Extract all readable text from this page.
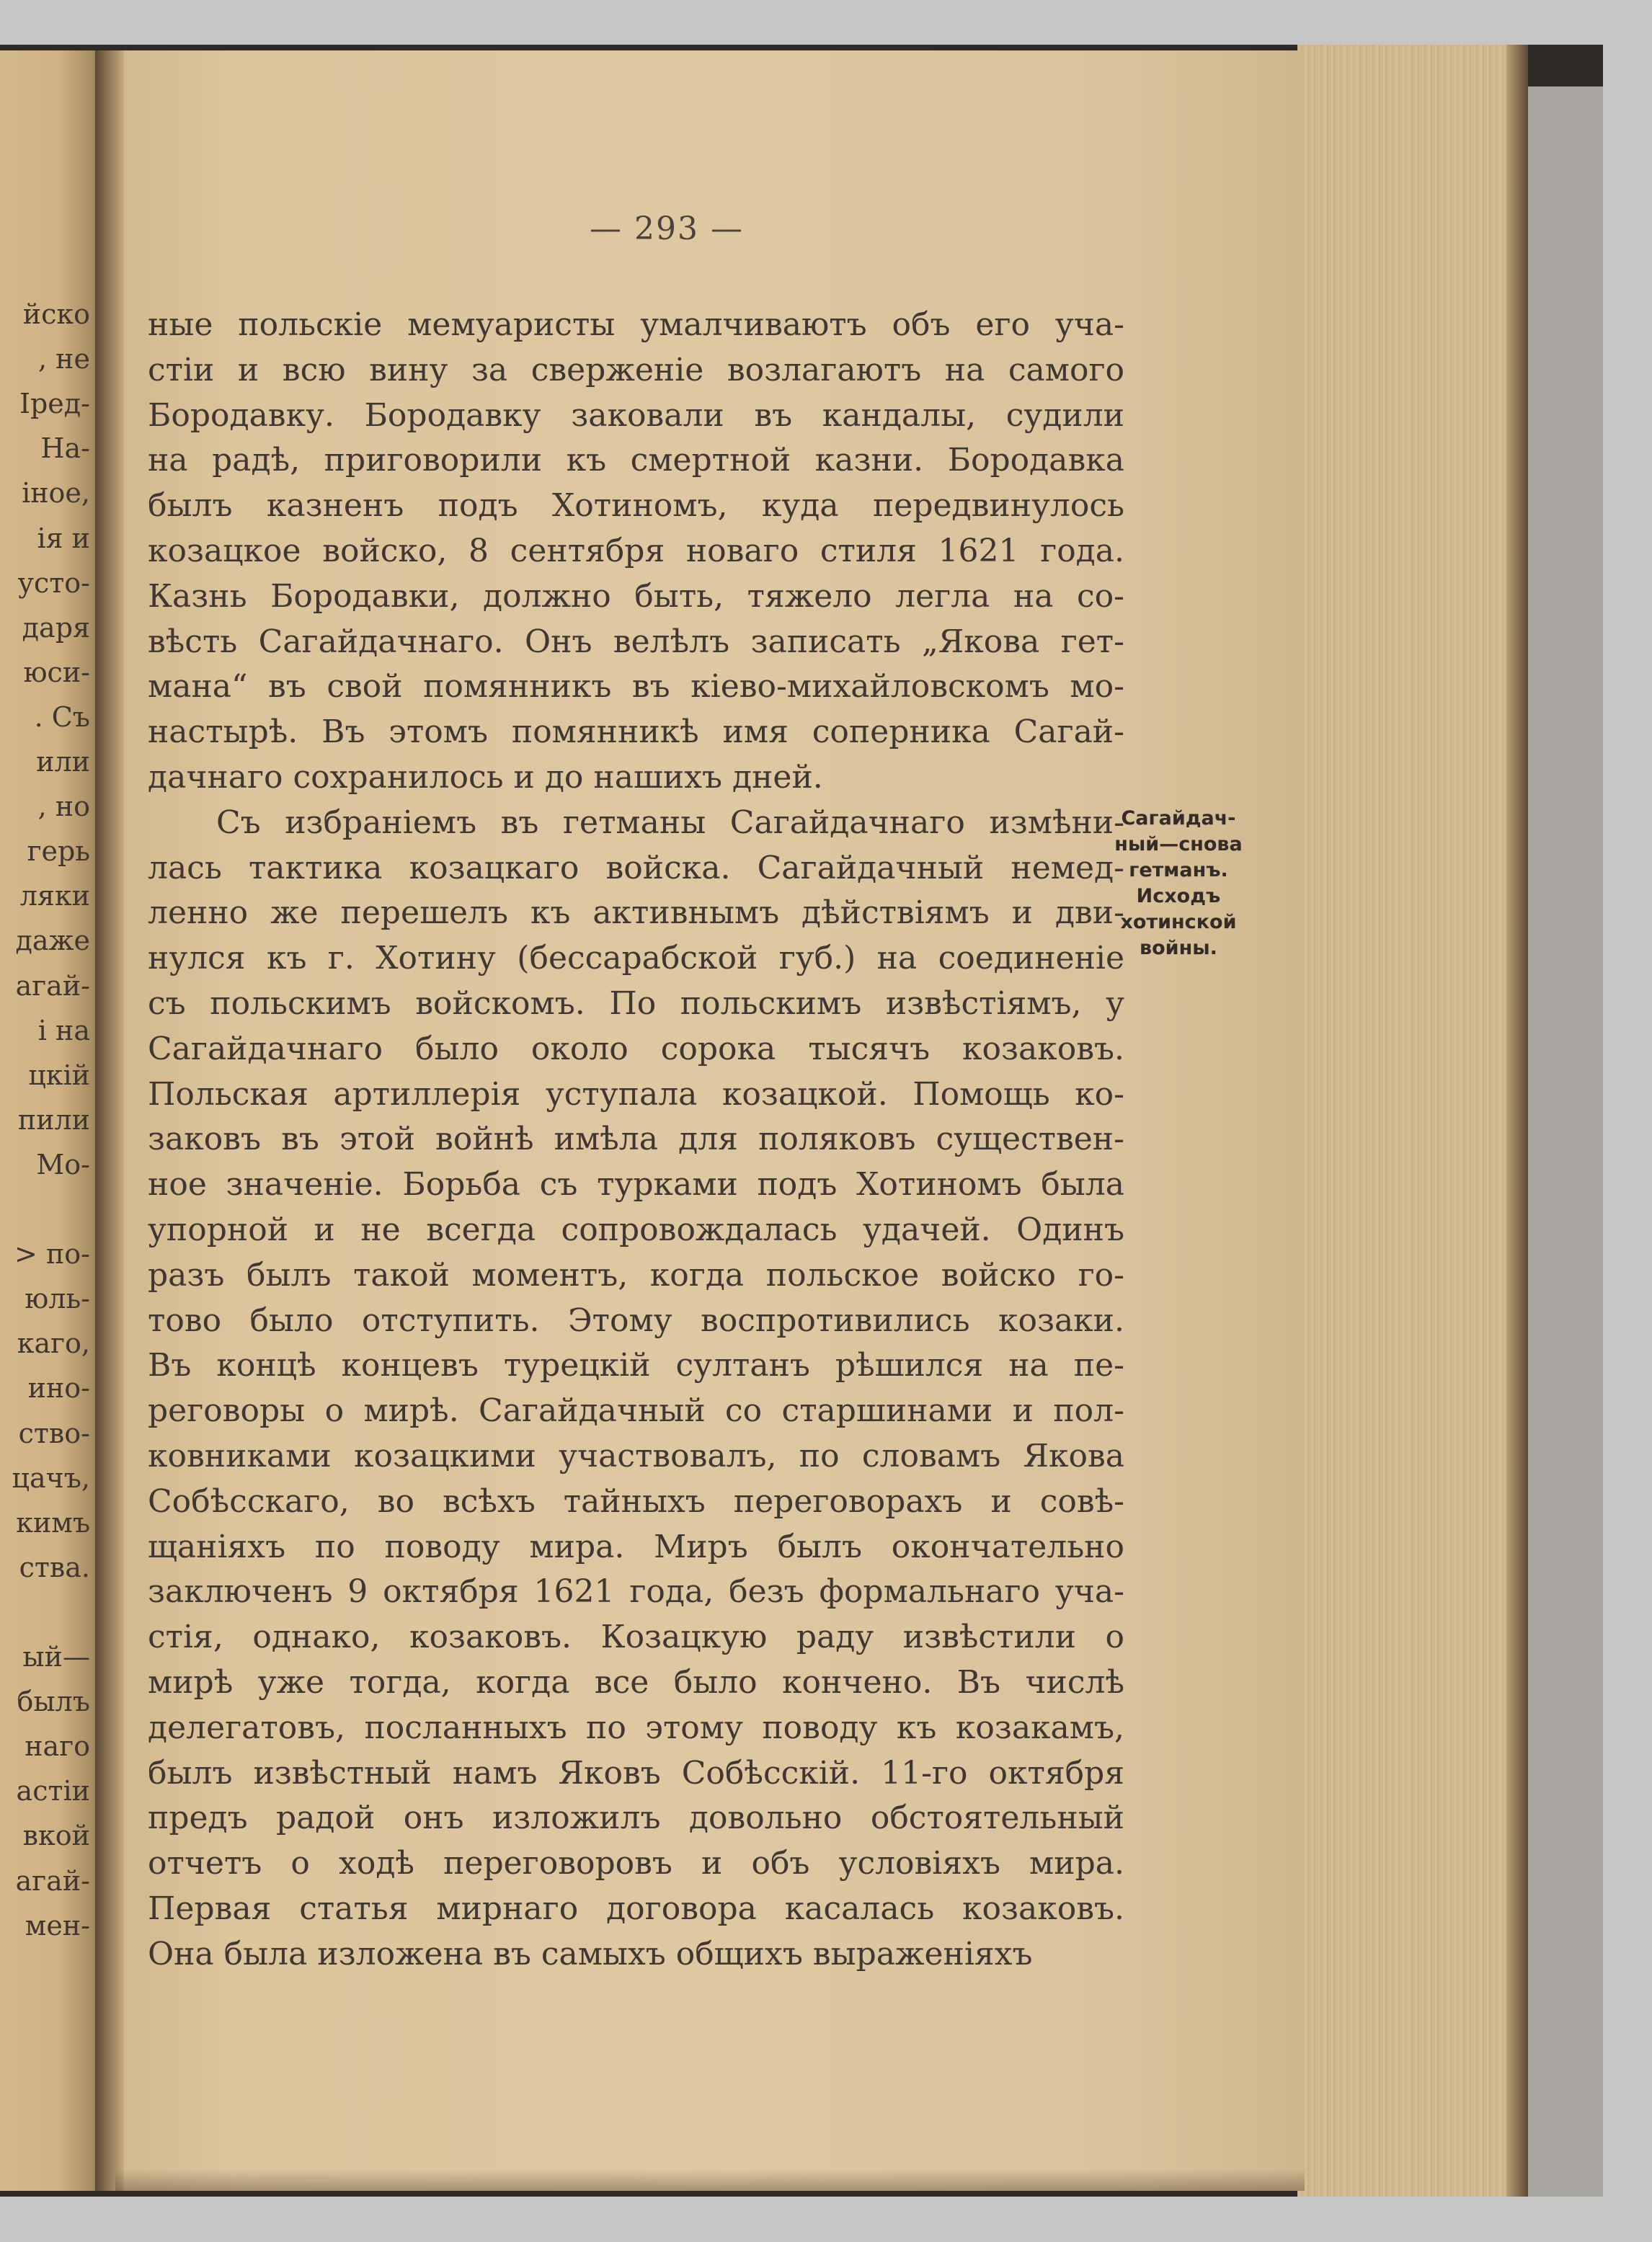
йско
, не
Іред-
На-
іное,
ія и
усто-
даря
юси-
. Съ
или
, но
герь
ляки
даже
агай-
і на
цкій
пили
Мо-
> по-
юль-
каго,
ино-
ство-
цачъ,
кимъ
ства.
ый—
былъ
наго
астіи
вкой
агай-
мен-
— 293 —
ные польскіе мемуаристы умалчиваютъ объ его уча-
стіи и всю вину за сверженіе возлагаютъ на самого
Бородавку. Бородавку заковали въ кандалы, судили
на радѣ, приговорили къ смертной казни. Бородавка
былъ казненъ подъ Хотиномъ, куда передвинулось
козацкое войско, 8 сентября новаго стиля 1621 года.
Казнь Бородавки, должно быть, тяжело легла на со-
вѣсть Сагайдачнаго. Онъ велѣлъ записать „Якова гет-
мана“ въ свой помянникъ въ кіево-михайловскомъ мо-
настырѣ. Въ этомъ помянникѣ имя соперника Сагай-
дачнаго сохранилось и до нашихъ дней.
Съ избраніемъ въ гетманы Сагайдачнаго измѣни-
лась тактика козацкаго войска. Сагайдачный немед-
ленно же перешелъ къ активнымъ дѣйствіямъ и дви-
нулся къ г. Хотину (бессарабской губ.) на соединеніе
съ польскимъ войскомъ. По польскимъ извѣстіямъ, у
Сагайдачнаго было около сорока тысячъ козаковъ.
Польская артиллерія уступала козацкой. Помощь ко-
заковъ въ этой войнѣ имѣла для поляковъ существен-
ное значеніе. Борьба съ турками подъ Хотиномъ была
упорной и не всегда сопровождалась удачей. Одинъ
разъ былъ такой моментъ, когда польское войско го-
тово было отступить. Этому воспротивились козаки.
Въ концѣ концевъ турецкій султанъ рѣшился на пе-
реговоры о мирѣ. Сагайдачный со старшинами и пол-
ковниками козацкими участвовалъ, по словамъ Якова
Собѣсскаго, во всѣхъ тайныхъ переговорахъ и совѣ-
щаніяхъ по поводу мира. Миръ былъ окончательно
заключенъ 9 октября 1621 года, безъ формальнаго уча-
стія, однако, козаковъ. Козацкую раду извѣстили о
мирѣ уже тогда, когда все было кончено. Въ числѣ
делегатовъ, посланныхъ по этому поводу къ козакамъ,
былъ извѣстный намъ Яковъ Собѣсскій. 11-го октября
предъ радой онъ изложилъ довольно обстоятельный
отчетъ о ходѣ переговоровъ и объ условіяхъ мира.
Первая статья мирнаго договора касалась козаковъ.
Она была изложена въ самыхъ общихъ выраженіяхъ
Сагайдач-
ный—снова
гетманъ.
Исходъ
хотинской
войны.
